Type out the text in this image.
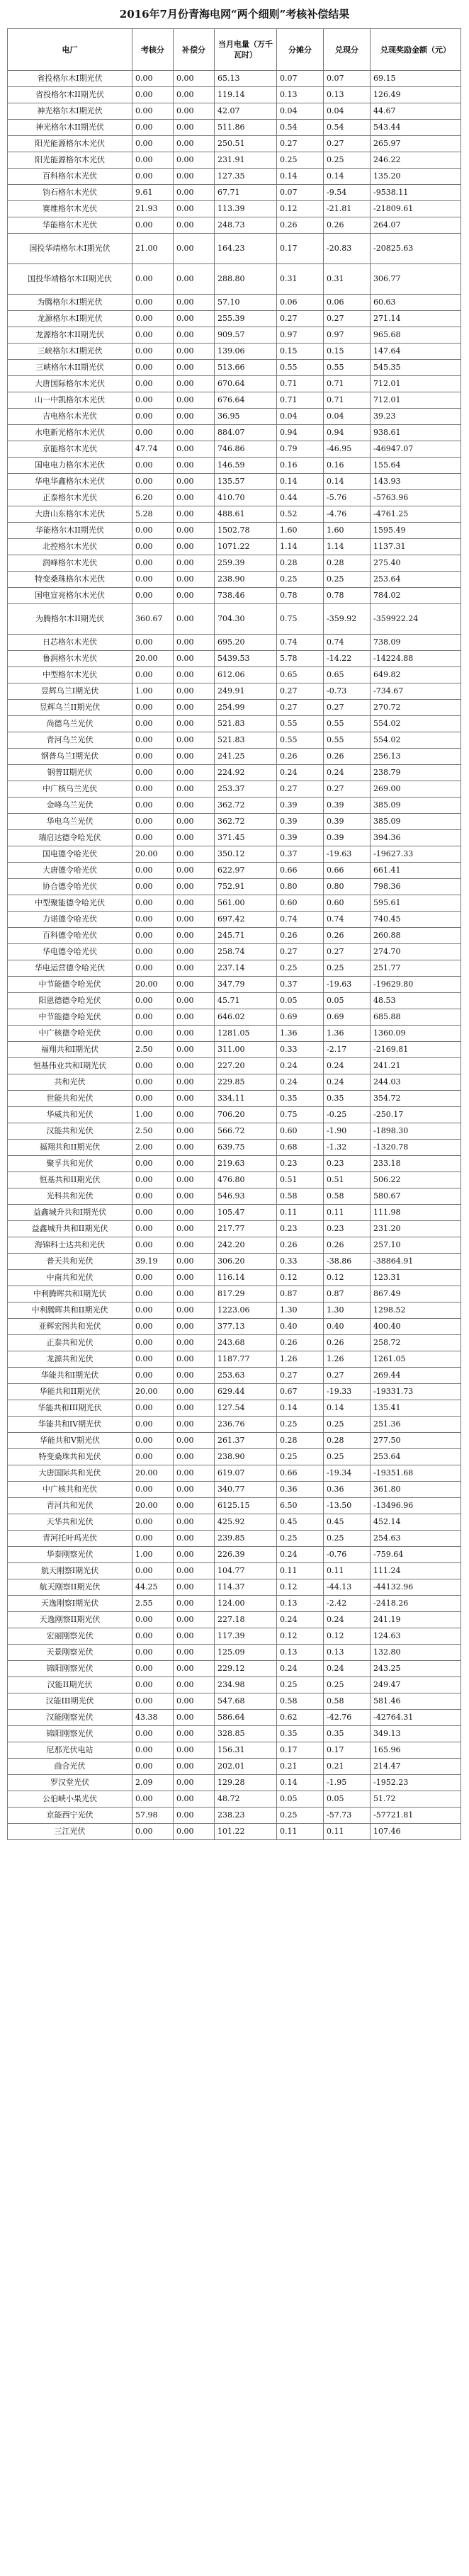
2016年7月份青海电网“两个细则”考核补偿结果
电厂	考核分	补偿分	当月电量（万千瓦时）	分摊分	兑现分	兑现奖励金额（元）
省投格尔木I期光伏	0.00	0.00	65.13	0.07	0.07	69.15
省投格尔木II期光伏	0.00	0.00	119.14	0.13	0.13	126.49
神光格尔木I期光伏	0.00	0.00	42.07	0.04	0.04	44.67
神光格尔木II期光伏	0.00	0.00	511.86	0.54	0.54	543.44
阳光能源格尔木光伏	0.00	0.00	250.51	0.27	0.27	265.97
阳光能源格尔木光伏	0.00	0.00	231.91	0.25	0.25	246.22
百科格尔木光伏	0.00	0.00	127.35	0.14	0.14	135.20
钧石格尔木光伏	9.61	0.00	67.71	0.07	-9.54	-9538.11
赛维格尔木光伏	21.93	0.00	113.39	0.12	-21.81	-21809.61
华能格尔木光伏	0.00	0.00	248.73	0.26	0.26	264.07
国投华靖格尔木I期光伏	21.00	0.00	164.23	0.17	-20.83	-20825.63
国投华靖格尔木II期光伏	0.00	0.00	288.80	0.31	0.31	306.77
为腾格尔木I期光伏	0.00	0.00	57.10	0.06	0.06	60.63
龙源格尔木I期光伏	0.00	0.00	255.39	0.27	0.27	271.14
龙源格尔木II期光伏	0.00	0.00	909.57	0.97	0.97	965.68
三峡格尔木I期光伏	0.00	0.00	139.06	0.15	0.15	147.64
三峡格尔木II期光伏	0.00	0.00	513.66	0.55	0.55	545.35
大唐国际格尔木光伏	0.00	0.00	670.64	0.71	0.71	712.01
山一中凯格尔木光伏	0.00	0.00	676.64	0.71	0.71	712.01
吉电格尔木光伏	0.00	0.00	36.95	0.04	0.04	39.23
水电新光格尔木光伏	0.00	0.00	884.07	0.94	0.94	938.61
京能格尔木光伏	47.74	0.00	746.86	0.79	-46.95	-46947.07
国电电力格尔木光伏	0.00	0.00	146.59	0.16	0.16	155.64
华电华鑫格尔木光伏	0.00	0.00	135.57	0.14	0.14	143.93
正泰格尔木光伏	6.20	0.00	410.70	0.44	-5.76	-5763.96
大唐山东格尔木光伏	5.28	0.00	488.61	0.52	-4.76	-4761.25
华能格尔木II期光伏	0.00	0.00	1502.78	1.60	1.60	1595.49
北控格尔木光伏	0.00	0.00	1071.22	1.14	1.14	1137.31
润峰格尔木光伏	0.00	0.00	259.39	0.28	0.28	275.40
特变桑珠格尔木光伏	0.00	0.00	238.90	0.25	0.25	253.64
国电宣亮格尔木光伏	0.00	0.00	738.46	0.78	0.78	784.02
为腾格尔木II期光伏	360.67	0.00	704.30	0.75	-359.92	-359922.24
日芯格尔木光伏	0.00	0.00	695.20	0.74	0.74	738.09
鲁润格尔木光伏	20.00	0.00	5439.53	5.78	-14.22	-14224.88
中型格尔木光伏	0.00	0.00	612.06	0.65	0.65	649.82
昱辉乌兰I期光伏	1.00	0.00	249.91	0.27	-0.73	-734.67
昱辉乌兰II期光伏	0.00	0.00	254.99	0.27	0.27	270.72
尚德乌兰光伏	0.00	0.00	521.83	0.55	0.55	554.02
青河乌兰光伏	0.00	0.00	521.83	0.55	0.55	554.02
钢普乌兰I期光伏	0.00	0.00	241.25	0.26	0.26	256.13
钢普II期光伏	0.00	0.00	224.92	0.24	0.24	238.79
中广核乌兰光伏	0.00	0.00	253.37	0.27	0.27	269.00
金峰乌兰光伏	0.00	0.00	362.72	0.39	0.39	385.09
华电乌兰光伏	0.00	0.00	362.72	0.39	0.39	385.09
瑞启达德令哈光伏	0.00	0.00	371.45	0.39	0.39	394.36
国电德令哈光伏	20.00	0.00	350.12	0.37	-19.63	-19627.33
大唐德令哈光伏	0.00	0.00	622.97	0.66	0.66	661.41
协合德令哈光伏	0.00	0.00	752.91	0.80	0.80	798.36
中型聚能德令哈光伏	0.00	0.00	561.00	0.60	0.60	595.61
力诺德令哈光伏	0.00	0.00	697.42	0.74	0.74	740.45
百科德令哈光伏	0.00	0.00	245.71	0.26	0.26	260.88
华电德令哈光伏	0.00	0.00	258.74	0.27	0.27	274.70
华电运营德令哈光伏	0.00	0.00	237.14	0.25	0.25	251.77
中节能德令哈光伏	20.00	0.00	347.79	0.37	-19.63	-19629.80
阳恩德德令哈光伏	0.00	0.00	45.71	0.05	0.05	48.53
中节能德令哈光伏	0.00	0.00	646.02	0.69	0.69	685.88
中广核德令哈光伏	0.00	0.00	1281.05	1.36	1.36	1360.09
福翔共和I期光伏	2.50	0.00	311.00	0.33	-2.17	-2169.81
恒基伟业共和I期光伏	0.00	0.00	227.20	0.24	0.24	241.21
共和光伏	0.00	0.00	229.85	0.24	0.24	244.03
世能共和光伏	0.00	0.00	334.11	0.35	0.35	354.72
华威共和光伏	1.00	0.00	706.20	0.75	-0.25	-250.17
汉能共和光伏	2.50	0.00	566.72	0.60	-1.90	-1898.30
福翔共和II期光伏	2.00	0.00	639.75	0.68	-1.32	-1320.78
聚孚共和光伏	0.00	0.00	219.63	0.23	0.23	233.18
恒基共和II期光伏	0.00	0.00	476.80	0.51	0.51	506.22
光科共和光伏	0.00	0.00	546.93	0.58	0.58	580.67
益鑫城升共和I期光伏	0.00	0.00	105.47	0.11	0.11	111.98
益鑫城升共和II期光伏	0.00	0.00	217.77	0.23	0.23	231.20
海锦科士达共和光伏	0.00	0.00	242.20	0.26	0.26	257.10
普天共和光伏	39.19	0.00	306.20	0.33	-38.86	-38864.91
中南共和光伏	0.00	0.00	116.14	0.12	0.12	123.31
中利腾晖共和I期光伏	0.00	0.00	817.29	0.87	0.87	867.49
中利腾晖共和II期光伏	0.00	0.00	1223.06	1.30	1.30	1298.52
亚辉宏图共和光伏	0.00	0.00	377.13	0.40	0.40	400.40
正泰共和光伏	0.00	0.00	243.68	0.26	0.26	258.72
龙源共和光伏	0.00	0.00	1187.77	1.26	1.26	1261.05
华能共和I期光伏	0.00	0.00	253.63	0.27	0.27	269.44
华能共和II期光伏	20.00	0.00	629.44	0.67	-19.33	-19331.73
华能共和III期光伏	0.00	0.00	127.54	0.14	0.14	135.41
华能共和IV期光伏	0.00	0.00	236.76	0.25	0.25	251.36
华能共和V期光伏	0.00	0.00	261.37	0.28	0.28	277.50
特变桑珠共和光伏	0.00	0.00	238.90	0.25	0.25	253.64
大唐国际共和光伏	20.00	0.00	619.07	0.66	-19.34	-19351.68
中广核共和光伏	0.00	0.00	340.77	0.36	0.36	361.80
青河共和光伏	20.00	0.00	6125.15	6.50	-13.50	-13496.96
天华共和光伏	0.00	0.00	425.92	0.45	0.45	452.14
青河托叶玛光伏	0.00	0.00	239.85	0.25	0.25	254.63
华泰刚察光伏	1.00	0.00	226.39	0.24	-0.76	-759.64
航天刚察I期光伏	0.00	0.00	104.77	0.11	0.11	111.24
航天刚察II期光伏	44.25	0.00	114.37	0.12	-44.13	-44132.96
天逸刚察I期光伏	2.55	0.00	124.00	0.13	-2.42	-2418.26
天逸刚察II期光伏	0.00	0.00	227.18	0.24	0.24	241.19
宏丽刚察光伏	0.00	0.00	117.39	0.12	0.12	124.63
天景刚察光伏	0.00	0.00	125.09	0.13	0.13	132.80
锦阳刚察光伏	0.00	0.00	229.12	0.24	0.24	243.25
汉能II期光伏	0.00	0.00	234.98	0.25	0.25	249.47
汉能III期光伏	0.00	0.00	547.68	0.58	0.58	581.46
汉能刚察光伏	43.38	0.00	586.64	0.62	-42.76	-42764.31
锦阳刚察光伏	0.00	0.00	328.85	0.35	0.35	349.13
尼那光伏电站	0.00	0.00	156.31	0.17	0.17	165.96
曲合光伏	0.00	0.00	202.01	0.21	0.21	214.47
罗汉堂光伏	2.09	0.00	129.28	0.14	-1.95	-1952.23
公伯峡小果光伏	0.00	0.00	48.72	0.05	0.05	51.72
京能西宁光伏	57.98	0.00	238.23	0.25	-57.73	-57721.81
三江光伏	0.00	0.00	101.22	0.11	0.11	107.46
